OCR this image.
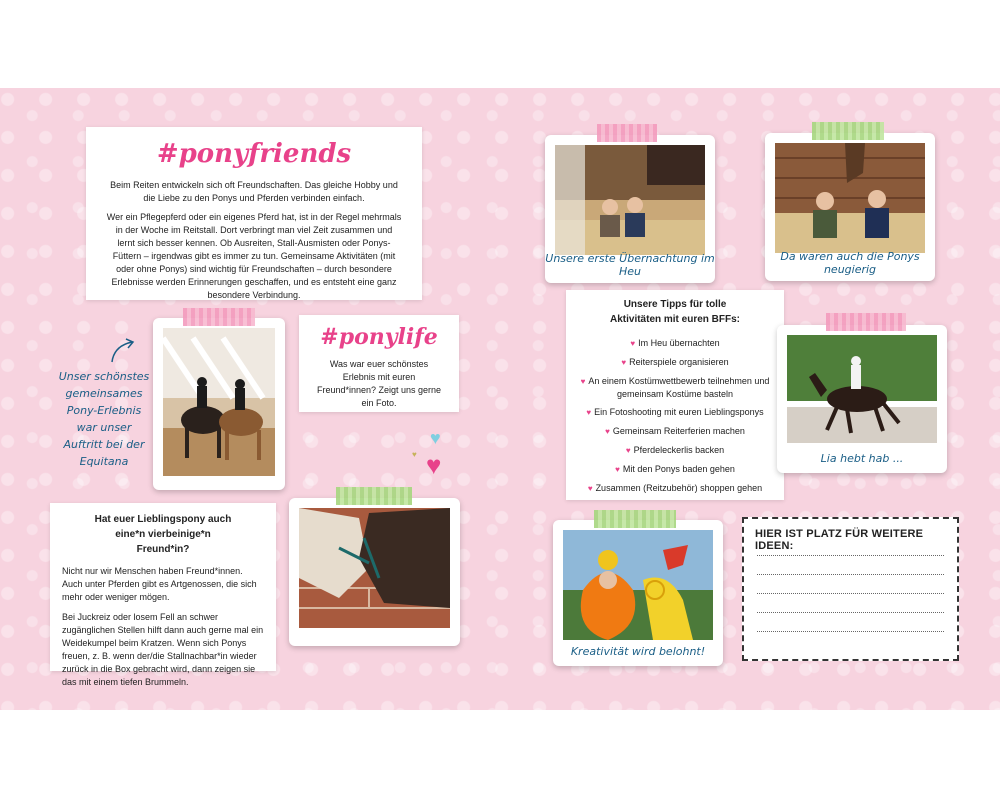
#ponyfriends

Beim Reiten entwickeln sich oft Freundschaften. Das gleiche Hobby und die Liebe zu den Ponys und Pferden verbinden einfach.

Wer ein Pflegepferd oder ein eigenes Pferd hat, ist in der Regel mehrmals in der Woche im Reitstall. Dort verbringt man viel Zeit zusammen und lernt sich besser kennen. Ob Ausreiten, Stall-Ausmisten oder Ponys-Füttern – irgendwas gibt es immer zu tun. Gemeinsame Aktivitäten (mit oder ohne Ponys) sind wichtig für Freundschaften – durch besondere Erlebnisse werden Erinnerungen geschaffen, und es entsteht eine ganz besondere Verbindung.

Unser schönstes gemeinsames Pony-Erlebnis war unser Auftritt bei der Equitana
#ponylife

Was war euer schönstes Erlebnis mit euren Freund*innen? Zeigt uns gerne ein Foto.

♥
♥ ♥
Hat euer Lieblingspony auch eine*n vierbeinige*n Freund*in?

Nicht nur wir Menschen haben Freund*innen. Auch unter Pferden gibt es Artgenossen, die sich mehr oder weniger mögen.

Bei Juckreiz oder losem Fell an schwer zugänglichen Stellen hilft dann auch gerne mal ein Weidekumpel beim Kratzen. Wenn sich Ponys freuen, z. B. wenn der/die Stallnachbar*in wieder zurück in die Box gebracht wird, dann zeigen sie das mit einem tiefen Brummeln.

Unsere erste Übernachtung im Heu
Da waren auch die Ponys neugierig
Unsere Tipps für tolle Aktivitäten mit euren BFFs:
♥ Im Heu übernachten
♥ Reiterspiele organisieren
♥ An einem Kostümwettbewerb teilnehmen und gemeinsam Kostüme basteln
♥ Ein Fotoshooting mit euren Lieblingsponys
♥ Gemeinsam Reiterferien machen
♥ Pferdeleckerlis backen
♥ Mit den Ponys baden gehen
♥ Zusammen (Reitzubehör) shoppen gehen
Lia hebt hab ...
Kreativität wird belohnt!
HIER IST PLATZ FÜR WEITERE IDEEN:
